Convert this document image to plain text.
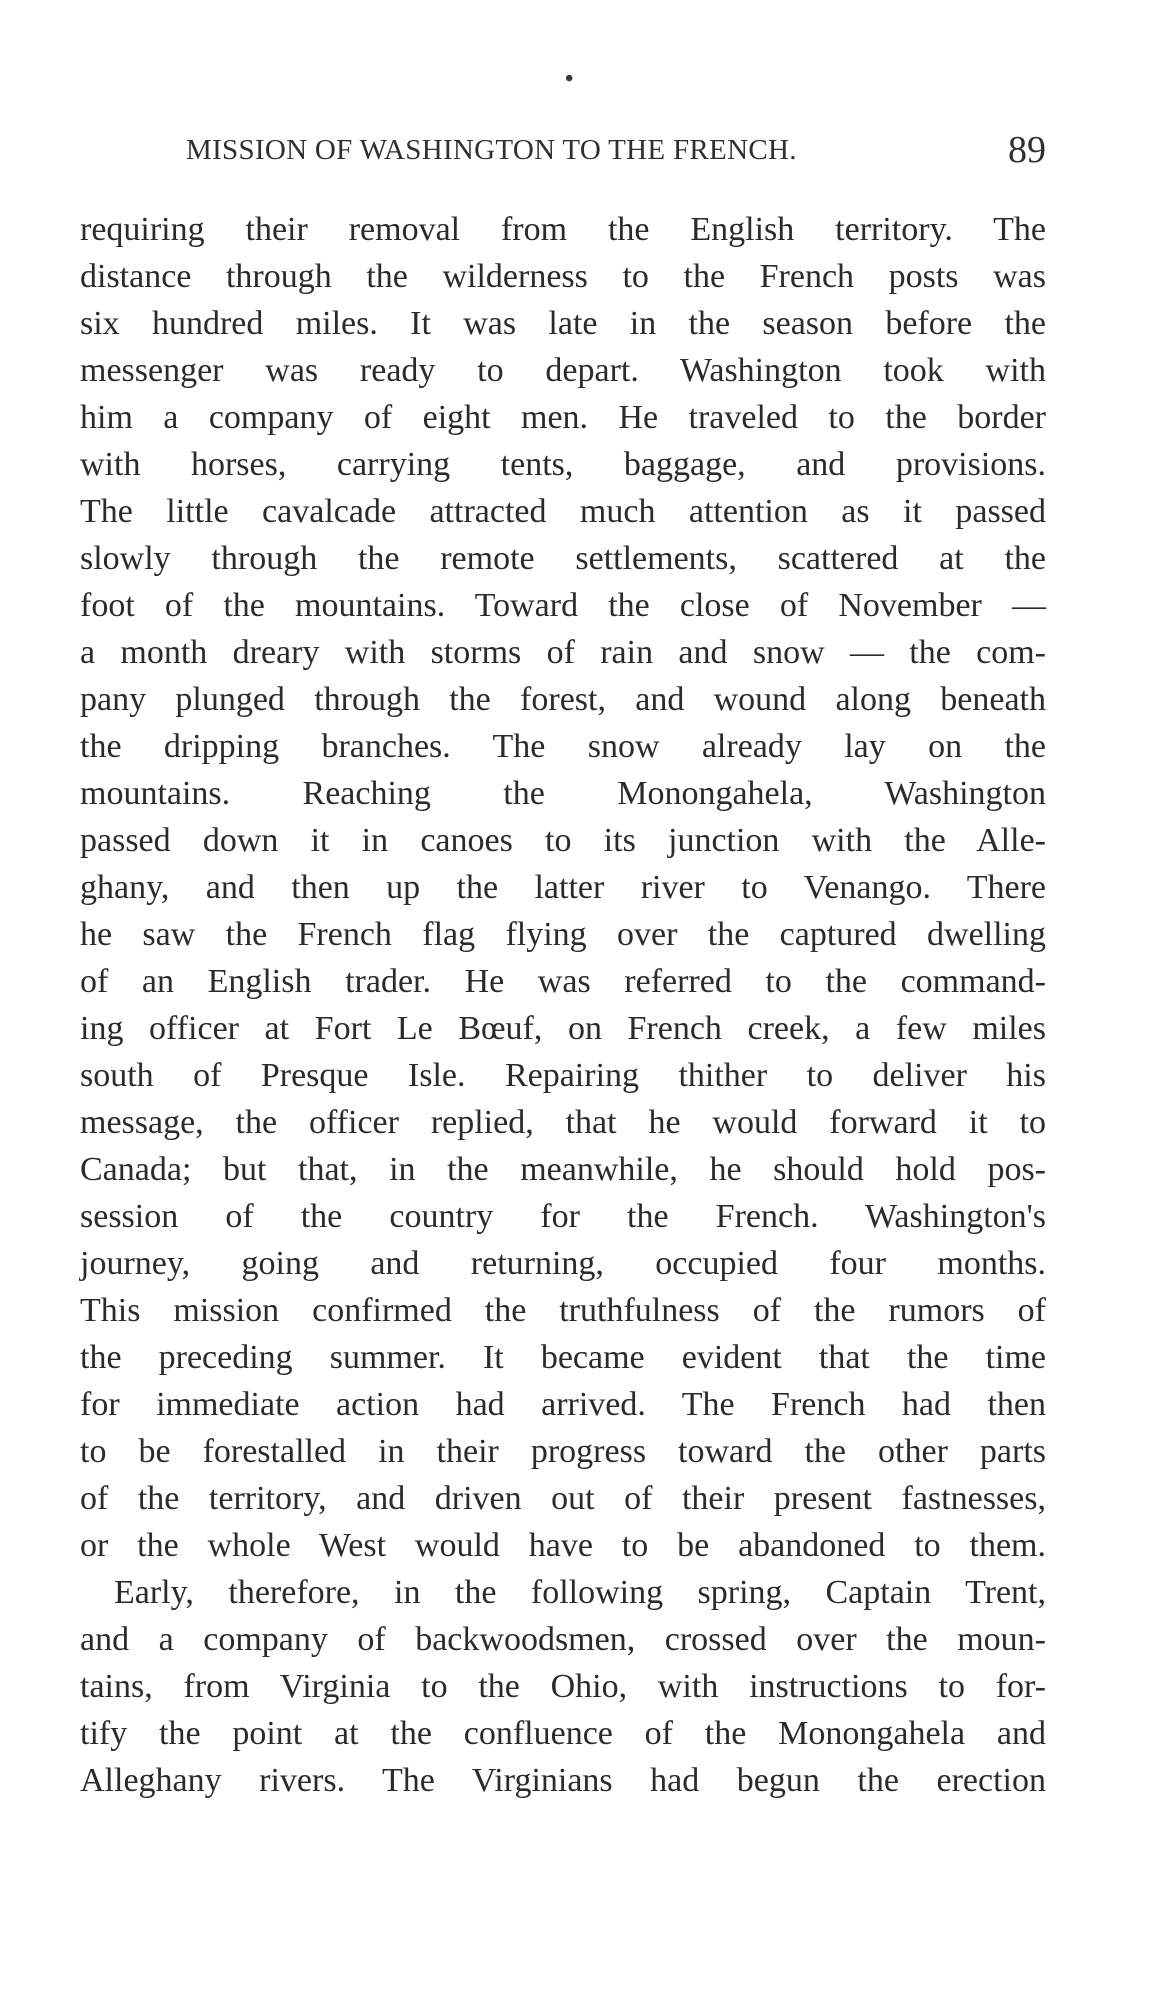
•
MISSION OF WASHINGTON TO THE FRENCH.	89
requiring their removal from the English territory. The
distance through the wilderness to the French posts was
six hundred miles. It was late in the season before the
messenger was ready to depart. Washington took with
him a company of eight men. He traveled to the border
with horses, carrying tents, baggage, and provisions.
The little cavalcade attracted much attention as it passed
slowly through the remote settlements, scattered at the
foot of the mountains. Toward the close of November —
a month dreary with storms of rain and snow — the com-
pany plunged through the forest, and wound along beneath
the dripping branches. The snow already lay on the
mountains. Reaching the Monongahela, Washington
passed down it in canoes to its junction with the Alle-
ghany, and then up the latter river to Venango. There
he saw the French flag flying over the captured dwelling
of an English trader. He was referred to the command-
ing officer at Fort Le Bœuf, on French creek, a few miles
south of Presque Isle. Repairing thither to deliver his
message, the officer replied, that he would forward it to
Canada; but that, in the meanwhile, he should hold pos-
session of the country for the French. Washington's
journey, going and returning, occupied four months.
This mission confirmed the truthfulness of the rumors of
the preceding summer. It became evident that the time
for immediate action had arrived. The French had then
to be forestalled in their progress toward the other parts
of the territory, and driven out of their present fastnesses,
or the whole West would have to be abandoned to them.
Early, therefore, in the following spring, Captain Trent,
and a company of backwoodsmen, crossed over the moun-
tains, from Virginia to the Ohio, with instructions to for-
tify the point at the confluence of the Monongahela and
Alleghany rivers. The Virginians had begun the erection
